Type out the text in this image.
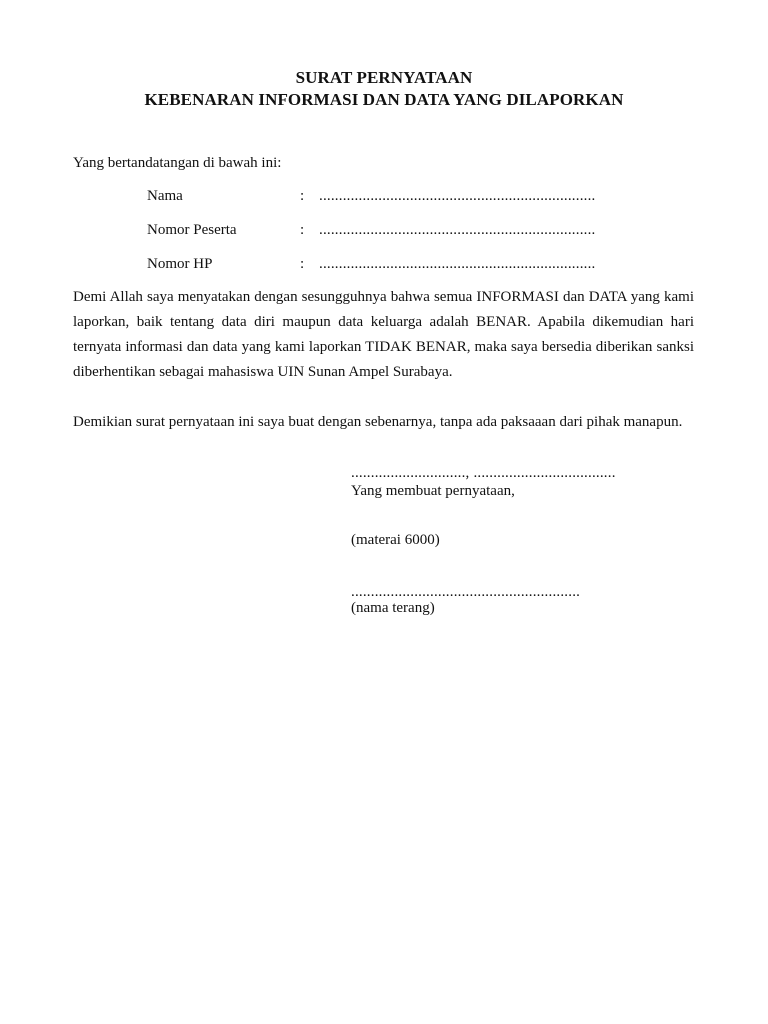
SURAT PERNYATAAN
KEBENARAN INFORMASI DAN DATA YANG DILAPORKAN
Yang bertandatangan di bawah ini:
Nama	: ......................................................................
Nomor Peserta	: ......................................................................
Nomor HP	: ......................................................................
Demi Allah saya menyatakan dengan sesungguhnya bahwa semua INFORMASI dan DATA yang kami laporkan, baik tentang data diri maupun data keluarga adalah BENAR. Apabila dikemudian hari ternyata informasi dan data yang kami laporkan TIDAK BENAR, maka saya bersedia diberikan sanksi diberhentikan sebagai mahasiswa UIN Sunan Ampel Surabaya.
Demikian surat pernyataan ini saya buat dengan sebenarnya, tanpa ada paksaaan dari pihak manapun.
............................., ....................................
Yang membuat pernyataan,
(materai 6000)
..........................................................
(nama terang)
